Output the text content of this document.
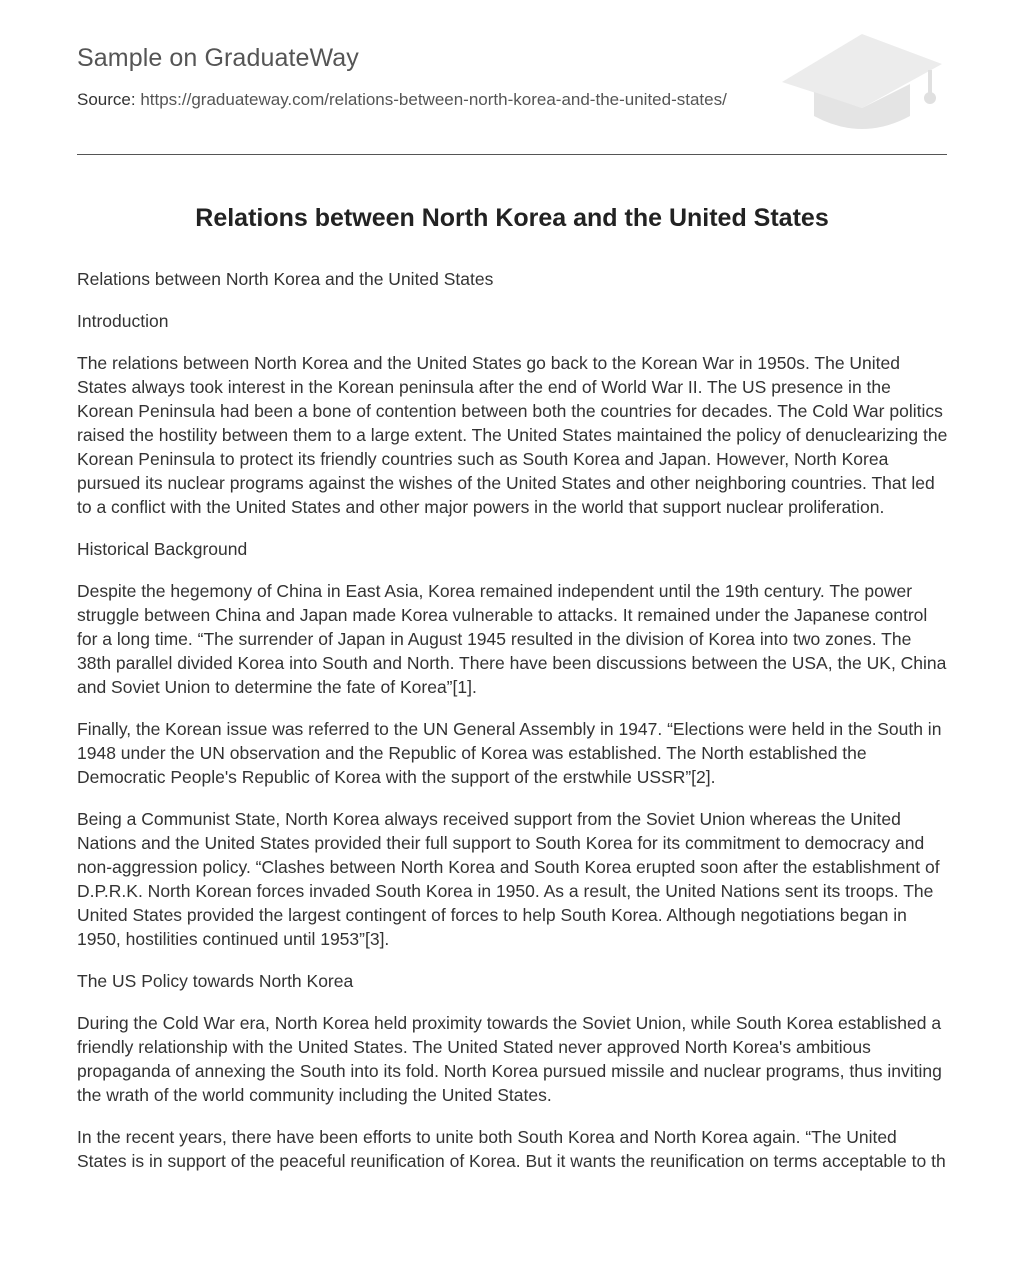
Sample on GraduateWay
Source: https://graduateway.com/relations-between-north-korea-and-the-united-states/
Relations between North Korea and the United States

Relations between North Korea and the United States

Introduction

The relations between North Korea and the United States go back to the Korean War in 1950s. The United States always took interest in the Korean peninsula after the end of World War II. The US presence in the Korean Peninsula had been a bone of contention between both the countries for decades. The Cold War politics raised the hostility between them to a large extent. The United States maintained the policy of denuclearizing the Korean Peninsula to protect its friendly countries such as South Korea and Japan. However, North Korea pursued its nuclear programs against the wishes of the United States and other neighboring countries. That led to a conflict with the United States and other major powers in the world that support nuclear proliferation.

Historical Background

Despite the hegemony of China in East Asia, Korea remained independent until the 19th century. The power struggle between China and Japan made Korea vulnerable to attacks. It remained under the Japanese control for a long time. “The surrender of Japan in August 1945 resulted in the division of Korea into two zones. The 38th parallel divided Korea into South and North. There have been discussions between the USA, the UK, China and Soviet Union to determine the fate of Korea”[1].

Finally, the Korean issue was referred to the UN General Assembly in 1947. “Elections were held in the South in 1948 under the UN observation and the Republic of Korea was established. The North established the Democratic People's Republic of Korea with the support of the erstwhile USSR”[2].

Being a Communist State, North Korea always received support from the Soviet Union whereas the United Nations and the United States provided their full support to South Korea for its commitment to democracy and non-aggression policy. “Clashes between North Korea and South Korea erupted soon after the establishment of D.P.R.K. North Korean forces invaded South Korea in 1950. As a result, the United Nations sent its troops. The United States provided the largest contingent of forces to help South Korea. Although negotiations began in 1950, hostilities continued until 1953”[3].

The US Policy towards North Korea

During the Cold War era, North Korea held proximity towards the Soviet Union, while South Korea established a friendly relationship with the United States. The United Stated never approved North Korea's ambitious propaganda of annexing the South into its fold. North Korea pursued missile and nuclear programs, thus inviting the wrath of the world community including the United States.

In the recent years, there have been efforts to unite both South Korea and North Korea again. “The United States is in support of the peaceful reunification of Korea. But it wants the reunification on terms acceptable to th
